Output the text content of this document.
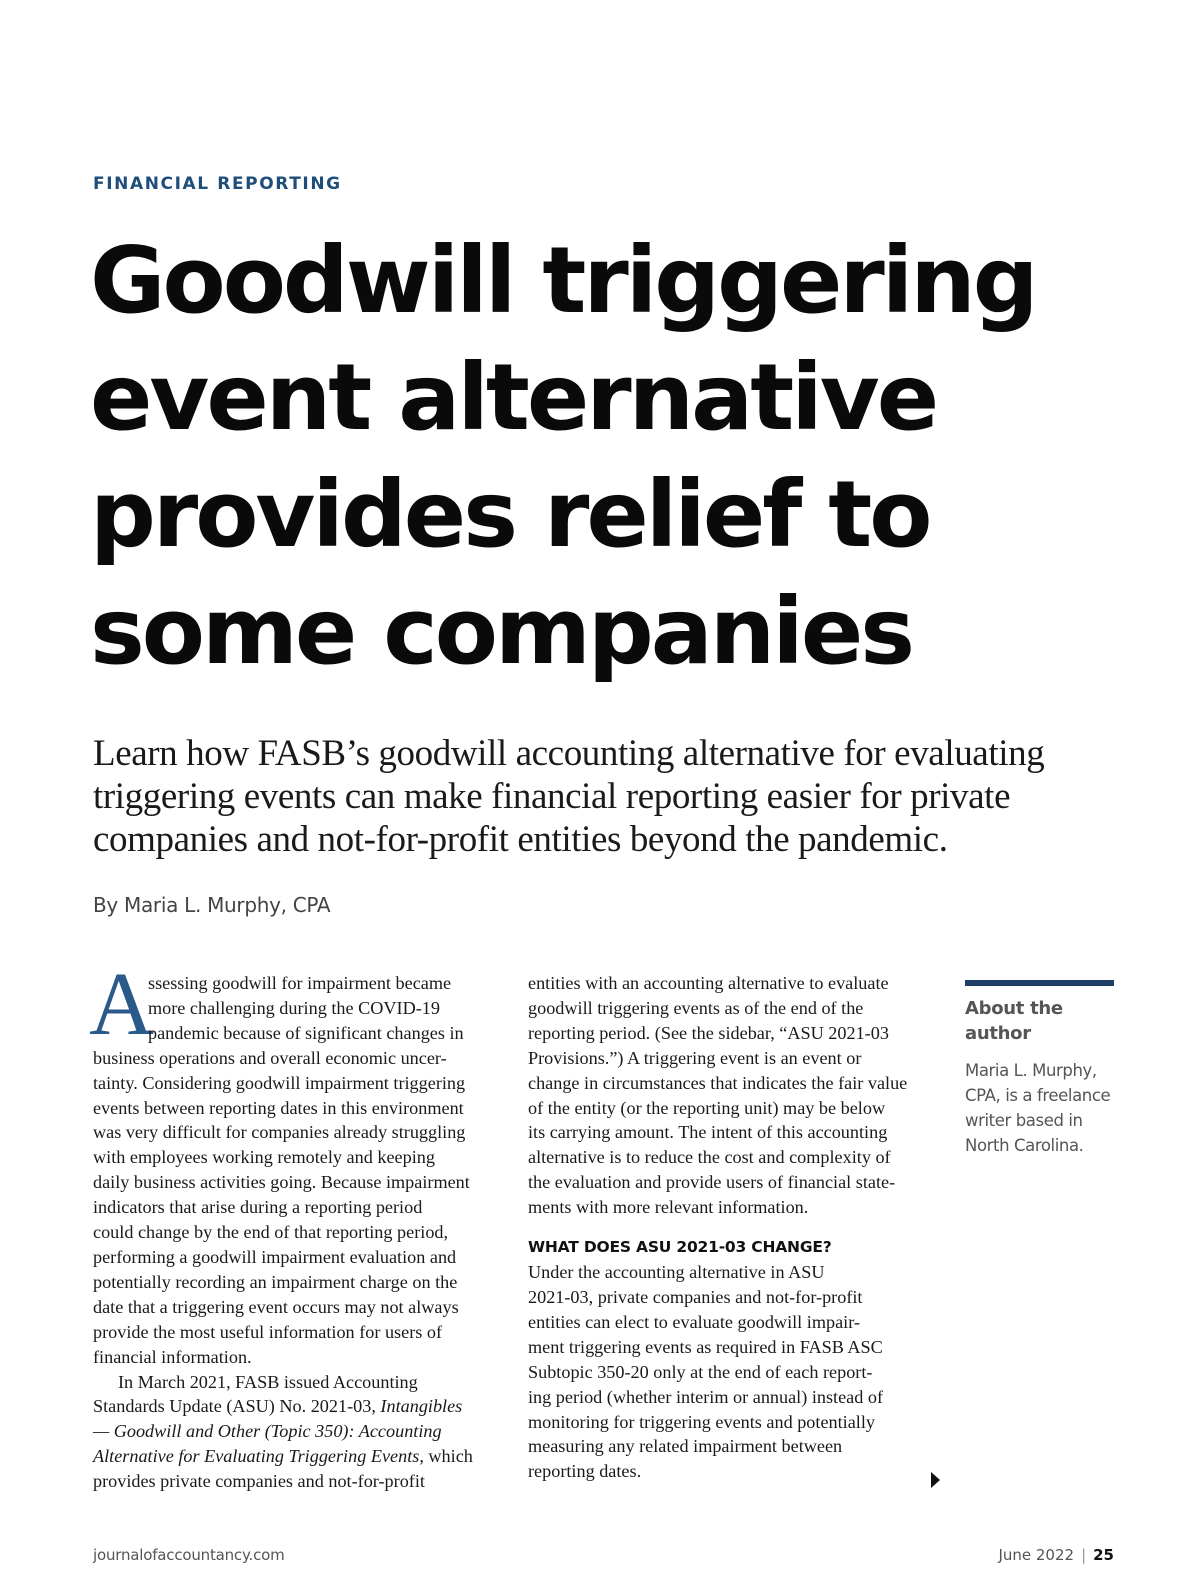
FINANCIAL REPORTING
Goodwill triggering
event alternative
provides relief to
some companies
Learn how FASB’s goodwill accounting alternative for evaluating
triggering events can make financial reporting easier for private
companies and not-for-profit entities beyond the pandemic.
By Maria L. Murphy, CPA
A
ssessing goodwill for impairment became
more challenging during the COVID-19
pandemic because of significant changes in
business operations and overall economic uncer-
tainty. Considering goodwill impairment triggering
events between reporting dates in this environment
was very difficult for companies already struggling
with employees working remotely and keeping
daily business activities going. Because impairment
indicators that arise during a reporting period
could change by the end of that reporting period,
performing a goodwill impairment evaluation and
potentially recording an impairment charge on the
date that a triggering event occurs may not always
provide the most useful information for users of
financial information.
In March 2021, FASB issued Accounting
Standards Update (ASU) No. 2021-03, Intangibles
— Goodwill and Other (Topic 350): Accounting
Alternative for Evaluating Triggering Events, which
provides private companies and not-for-profit
entities with an accounting alternative to evaluate
goodwill triggering events as of the end of the
reporting period. (See the sidebar, “ASU 2021-03
Provisions.”) A triggering event is an event or
change in circumstances that indicates the fair value
of the entity (or the reporting unit) may be below
its carrying amount. The intent of this accounting
alternative is to reduce the cost and complexity of
the evaluation and provide users of financial state-
ments with more relevant information.
WHAT DOES ASU 2021-03 CHANGE?
Under the accounting alternative in ASU
2021-03, private companies and not-for-profit
entities can elect to evaluate goodwill impair-
ment triggering events as required in FASB ASC
Subtopic 350-20 only at the end of each report-
ing period (whether interim or annual) instead of
monitoring for triggering events and potentially
measuring any related impairment between
reporting dates.
About the
author
Maria L. Murphy,
CPA, is a freelance
writer based in
North Carolina.
journalofaccountancy.com	June 2022 | 25
